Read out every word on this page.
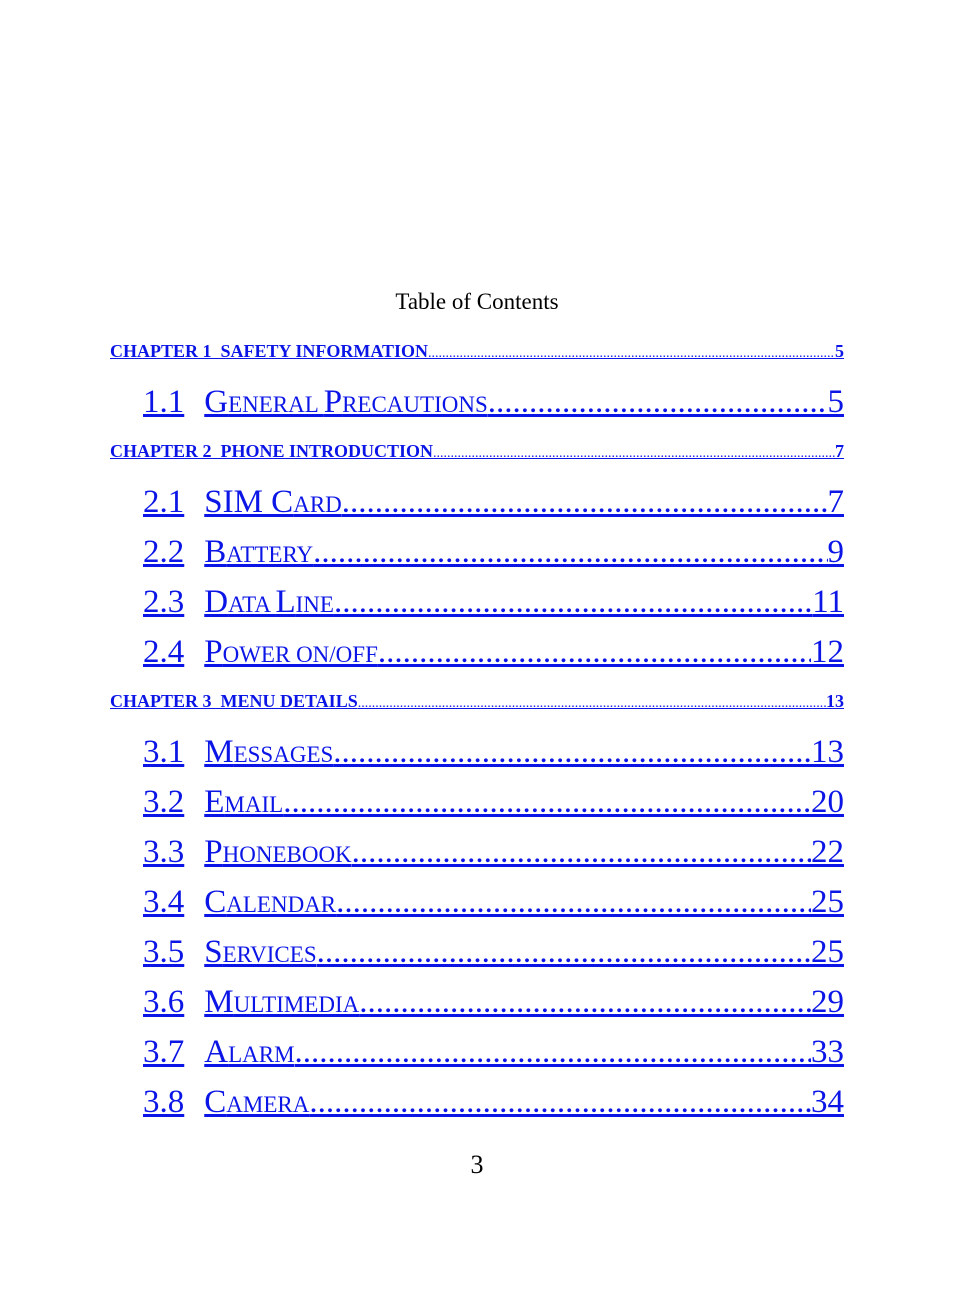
Table of Contents
CHAPTER 1 SAFETY INFORMATION .....	5
1.1 GENERAL PRECAUTIONS .....	5
CHAPTER 2 PHONE INTRODUCTION .....	7
2.1 SIM CARD .....	7
2.2 BATTERY .....	9
2.3 DATA LINE .....	11
2.4 POWER ON/OFF .....	12
CHAPTER 3 MENU DETAILS .....	13
3.1 MESSAGES .....	13
3.2 EMAIL .....	20
3.3 PHONEBOOK .....	22
3.4 CALENDAR .....	25
3.5 SERVICES .....	25
3.6 MULTIMEDIA .....	29
3.7 ALARM .....	33
3.8 CAMERA .....	34
3
